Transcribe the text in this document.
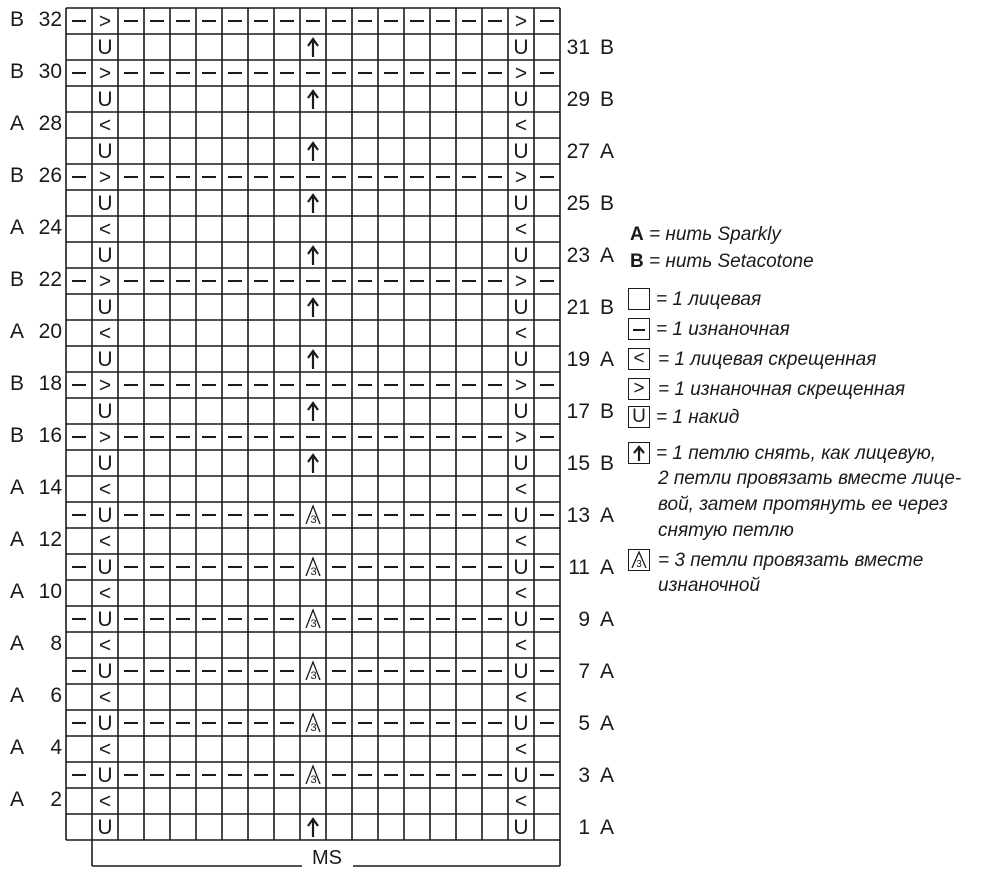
>	>
U	U
>	>
U	U
<	<
U	U
>	>
U	U
<	<
U	U
>	>
U	U
<	<
U	U
>	>
U	U
>	>
U	U
<	<
U	3	U
<	<
U	3	U
<	<
U	3	U
<	<
U	3	U
<	<
U	3	U
<	<
U	3	U
<	<
U	U
B 32
B 30
A 28
B 26
A 24
B 22
A 20
B 18
B 16
A 14
A 12
A 10
A 8
A 6
A 4
A 2
31 B
29 B
27 A
25 B
23 A
21 B
19 A
17 B
15 B
13 A
11 A
9 A
7 A
5 A
3 A
1 A
MS
A = нить Sparkly
B = нить Setacotone
= 1 лицевая
= 1 изнаночная
< = 1 лицевая скрещенная
> = 1 изнаночная скрещенная
U = 1 накид
= 1 петлю снять, как лицевую,
2 петли провязать вместе лице-
вой, затем протянуть ее через
снятую петлю
3 = 3 петли провязать вместе
изнаночной
